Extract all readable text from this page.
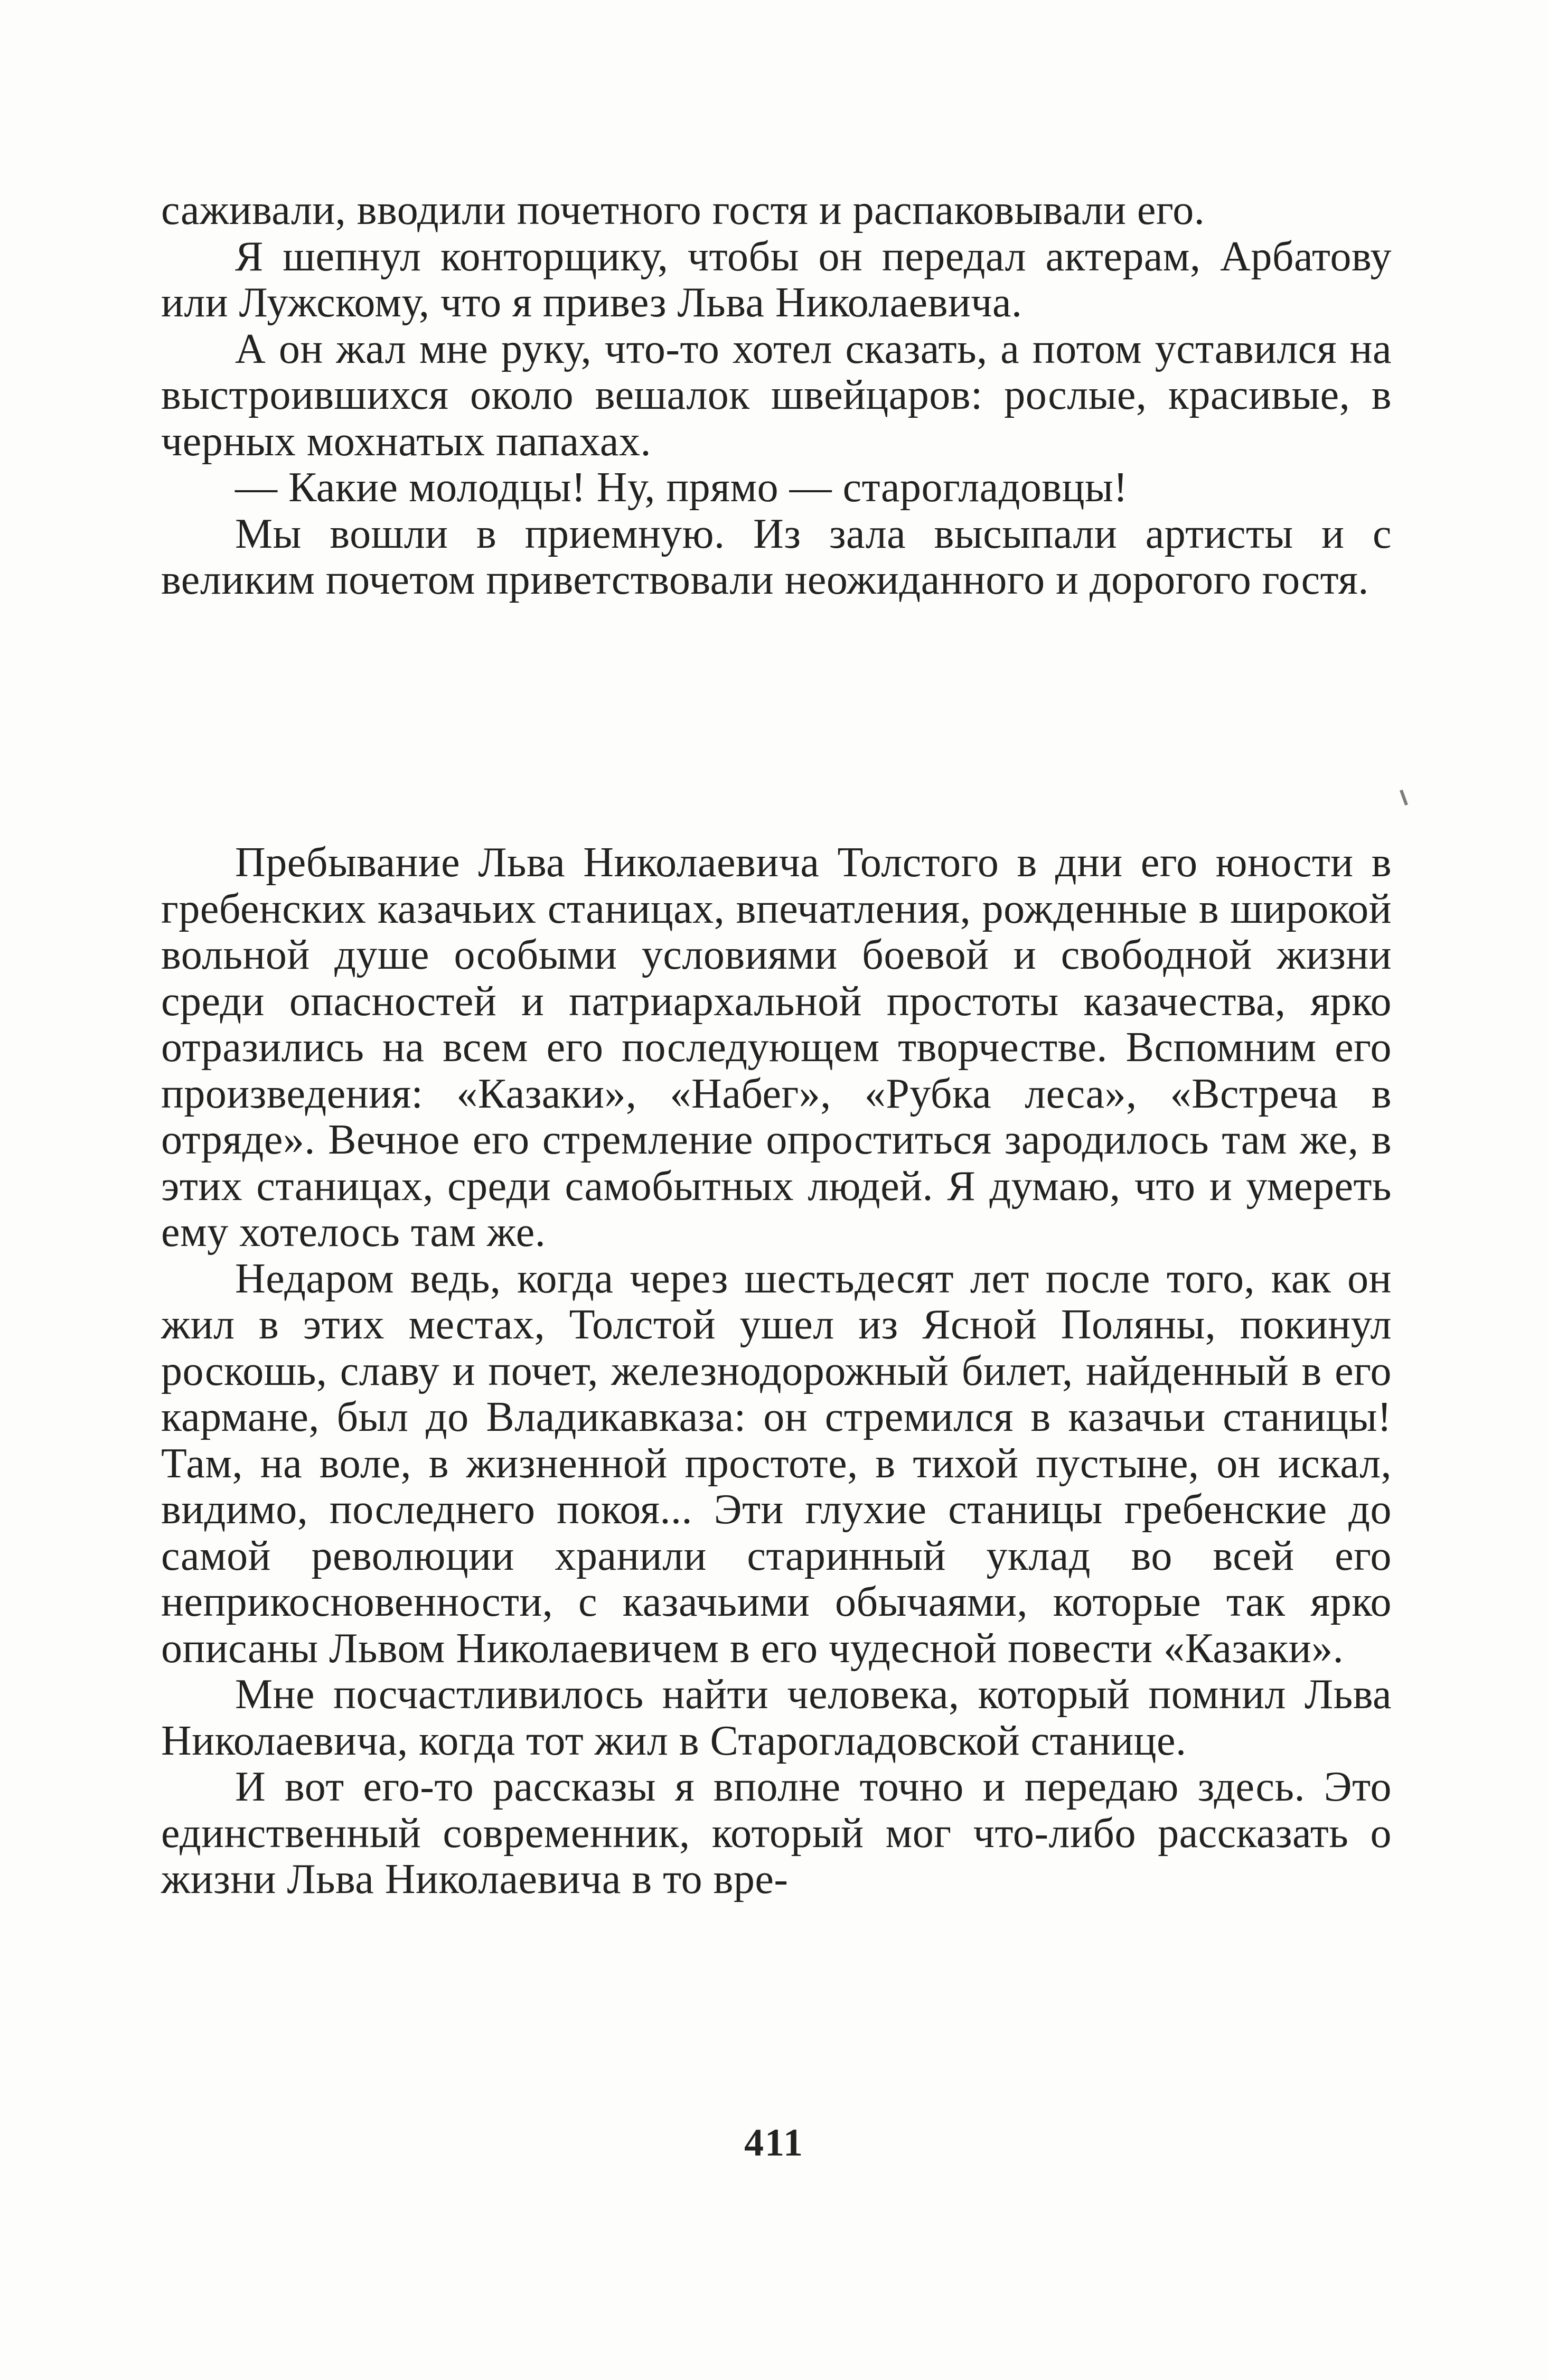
саживали, вводили почетного гостя и распаковывали его.

Я шепнул конторщику, чтобы он передал актерам, Арбатову или Лужскому, что я привез Льва Николаевича.

А он жал мне руку, что-то хотел сказать, а потом уставился на выстроившихся около вешалок швейцаров: рослые, красивые, в черных мохнатых папахах.

— Какие молодцы! Ну, прямо — старогладовцы!

Мы вошли в приемную. Из зала высыпали артисты и с великим почетом приветствовали неожиданного и дорогого гостя.

Пребывание Льва Николаевича Толстого в дни его юности в гребенских казачьих станицах, впечатления, рожденные в широкой вольной душе особыми условиями боевой и свободной жизни среди опасностей и патриархальной простоты казачества, ярко отразились на всем его последующем творчестве. Вспомним его произведения: «Казаки», «Набег», «Рубка леса», «Встреча в отряде». Вечное его стремление опроститься зародилось там же, в этих станицах, среди самобытных людей. Я думаю, что и умереть ему хотелось там же.

Недаром ведь, когда через шестьдесят лет после того, как он жил в этих местах, Толстой ушел из Ясной Поляны, покинул роскошь, славу и почет, железнодорожный билет, найденный в его кармане, был до Владикавказа: он стремился в казачьи станицы! Там, на воле, в жизненной простоте, в тихой пустыне, он искал, видимо, последнего покоя... Эти глухие станицы гребенские до самой революции хранили старинный уклад во всей его неприкосновенности, с казачьими обычаями, которые так ярко описаны Львом Николаевичем в его чудесной повести «Казаки».

Мне посчастливилось найти человека, который помнил Льва Николаевича, когда тот жил в Старогладовской станице.

И вот его-то рассказы я вполне точно и передаю здесь. Это единственный современник, который мог что-либо рассказать о жизни Льва Николаевича в то вре-

411
